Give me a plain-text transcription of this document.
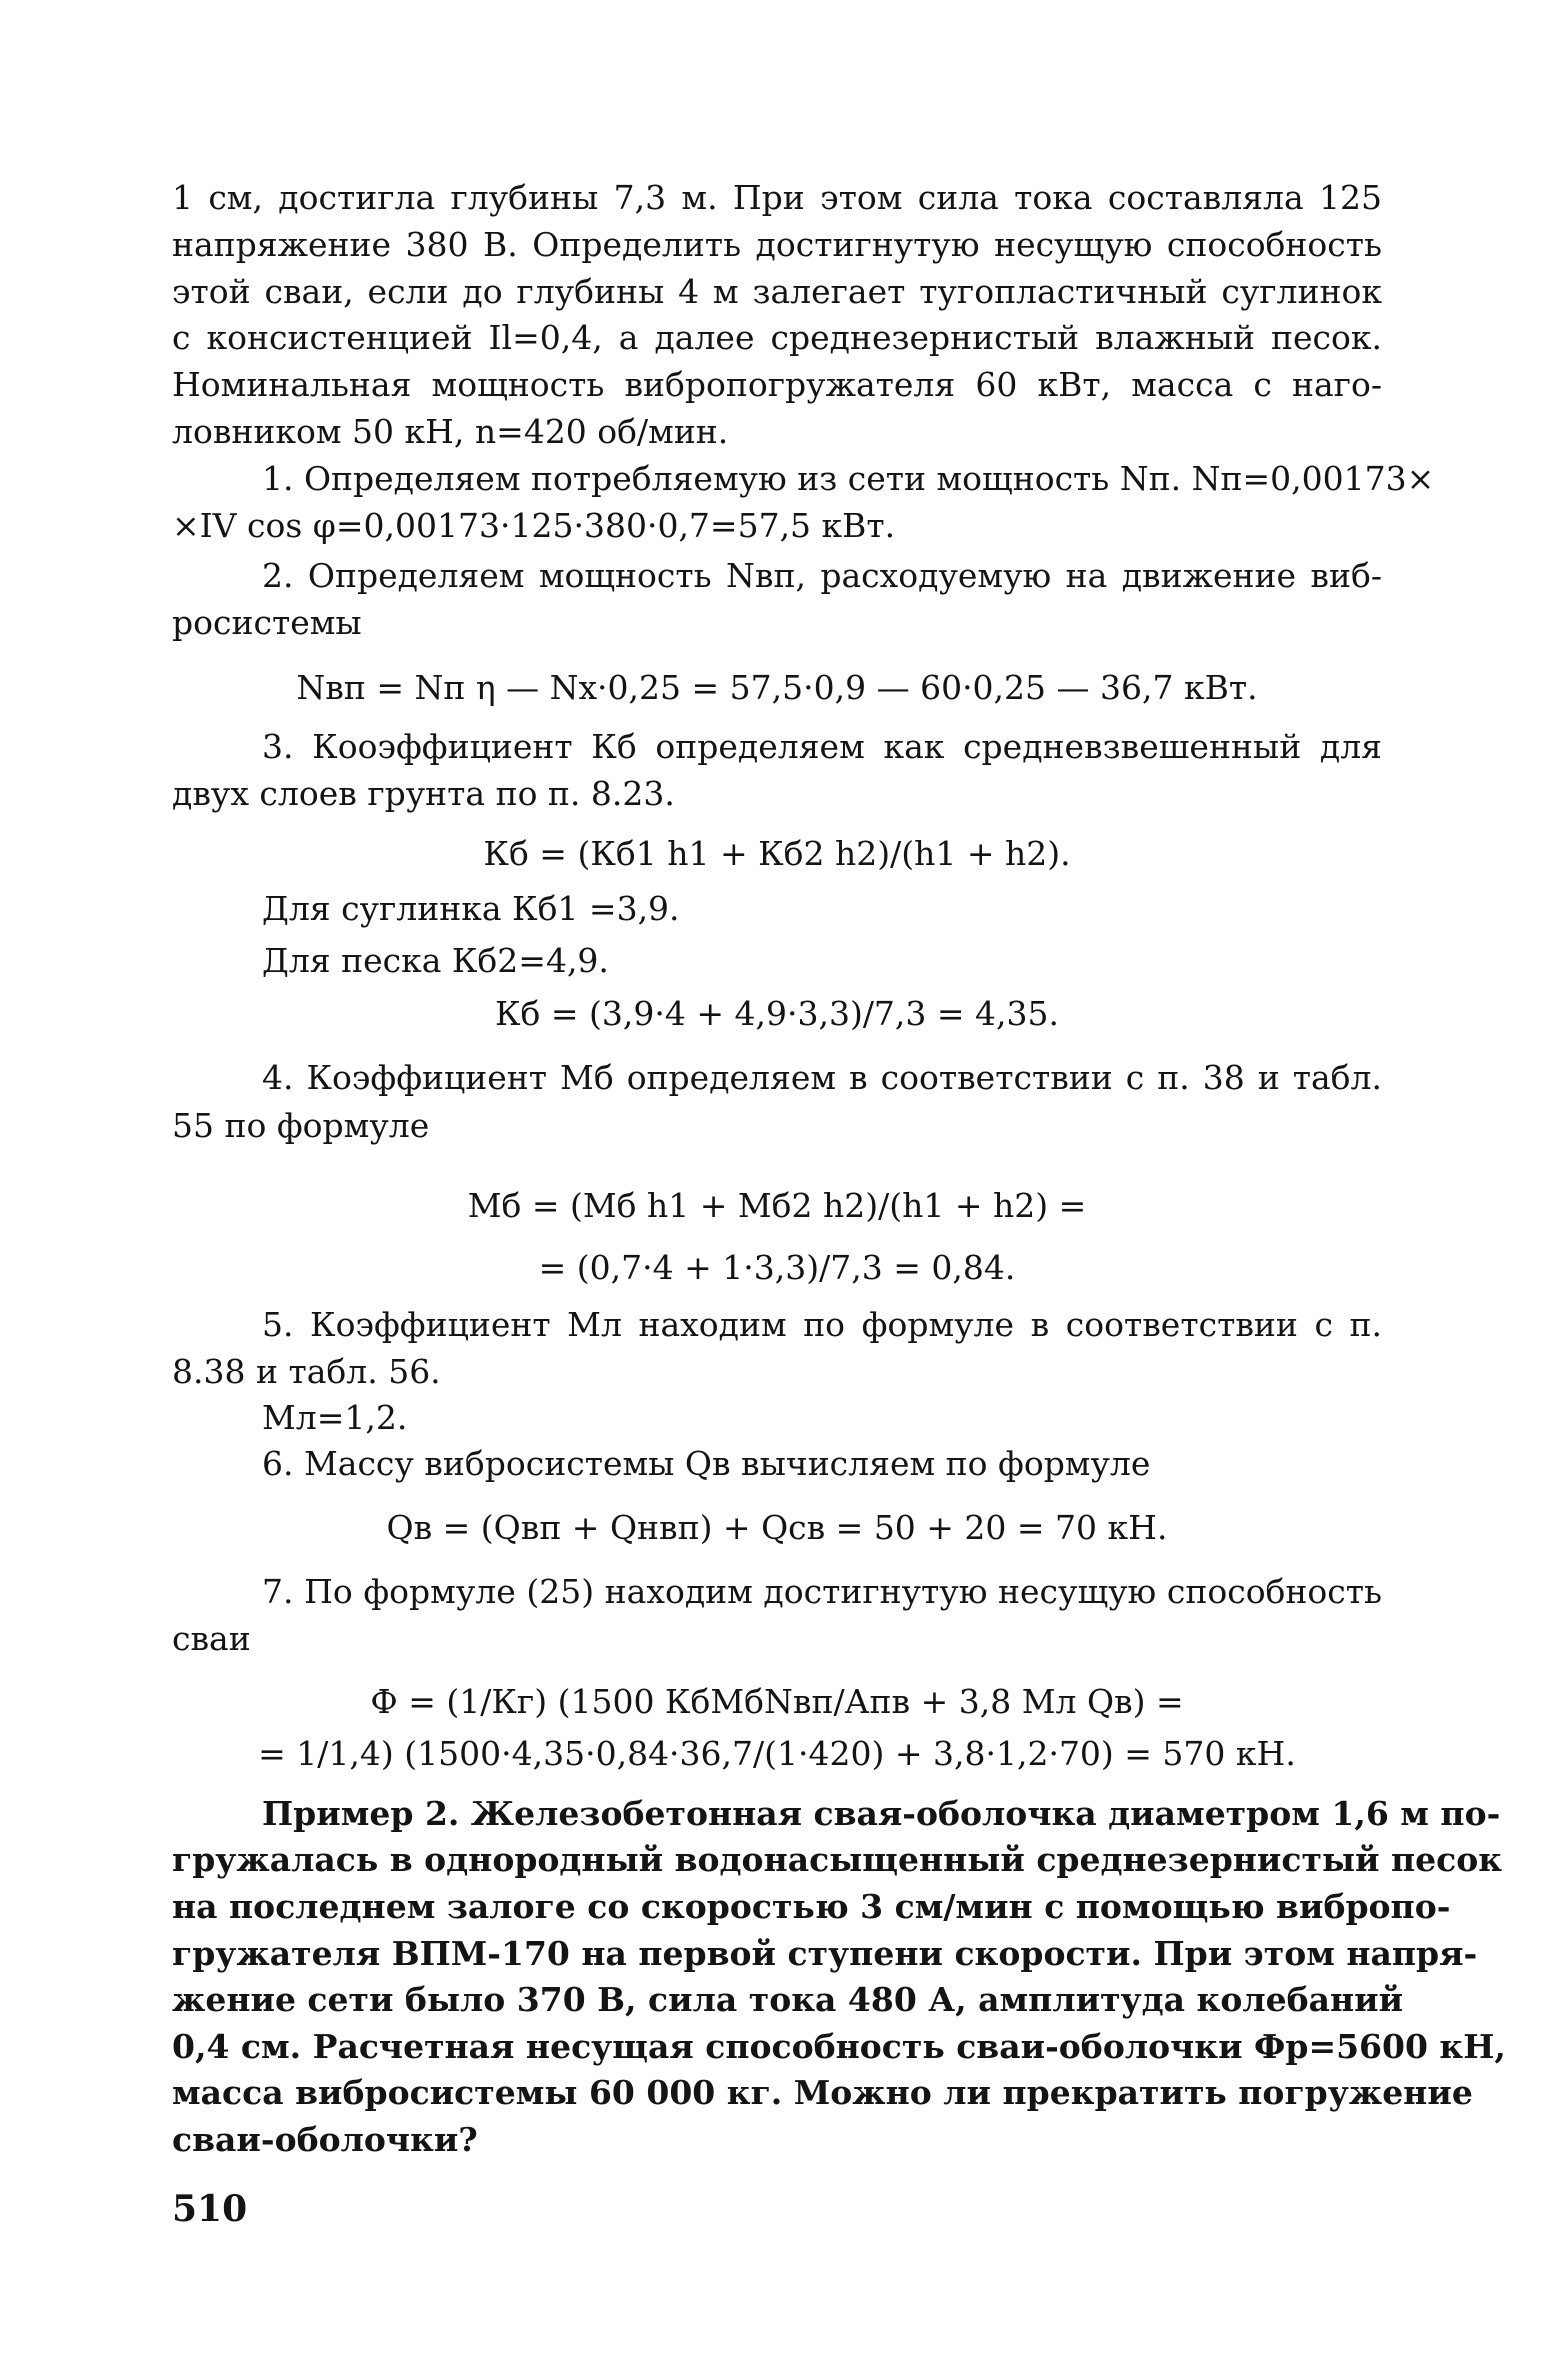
1 см, достигла глубины 7,3 м. При этом сила тока составляла 125

напряжение 380 В. Определить достигнутую несущую способность

этой сваи, если до глубины 4 м залегает тугопластичный суглинок

с консистенцией Il=0,4, а далее среднезернистый влажный песок.

Номинальная мощность вибропогружателя 60 кВт, масса с наго-

ловником 50 кН, n=420 об/мин.

1. Определяем потребляемую из сети мощность Nп. Nп=0,00173×

×IV cos φ=0,00173·125·380·0,7=57,5 кВт.

2. Определяем мощность Nвп, расходуемую на движение виб-

росистемы

Nвп = Nп η — Nх·0,25 = 57,5·0,9 — 60·0,25 — 36,7 кВт.

3. Кооэффициент Кб определяем как средневзвешенный для

двух слоев грунта по п. 8.23.

Кб = (Кб1 h1 + Кб2 h2)/(h1 + h2).

Для суглинка Кб1 =3,9.

Для песка Кб2=4,9.

Кб = (3,9·4 + 4,9·3,3)/7,3 = 4,35.

4. Коэффициент Мб определяем в соответствии с п. 38 и табл.

55 по формуле

Мб = (Мб h1 + Мб2 h2)/(h1 + h2) =

= (0,7·4 + 1·3,3)/7,3 = 0,84.

5. Коэффициент Мл находим по формуле в соответствии с п.

8.38 и табл. 56.

Мл=1,2.

6. Массу вибросистемы Qв вычисляем по формуле

Qв = (Qвп + Qнвп) + Qсв = 50 + 20 = 70 кН.

7. По формуле (25) находим достигнутую несущую способность

сваи

Ф = (1/Кг) (1500 КбМбNвп/Апв + 3,8 Мл Qв) =

= 1/1,4) (1500·4,35·0,84·36,7/(1·420) + 3,8·1,2·70) = 570 кН.

Пример 2. Железобетонная свая-оболочка диаметром 1,6 м по-

гружалась в однородный водонасыщенный среднезернистый песок

на последнем залоге со скоростью 3 см/мин с помощью вибропо-

гружателя ВПМ-170 на первой ступени скорости. При этом напря-

жение сети было 370 В, сила тока 480 А, амплитуда колебаний

0,4 см. Расчетная несущая способность сваи-оболочки Фр=5600 кН,

масса вибросистемы 60 000 кг. Можно ли прекратить погружение

сваи-оболочки?

510
